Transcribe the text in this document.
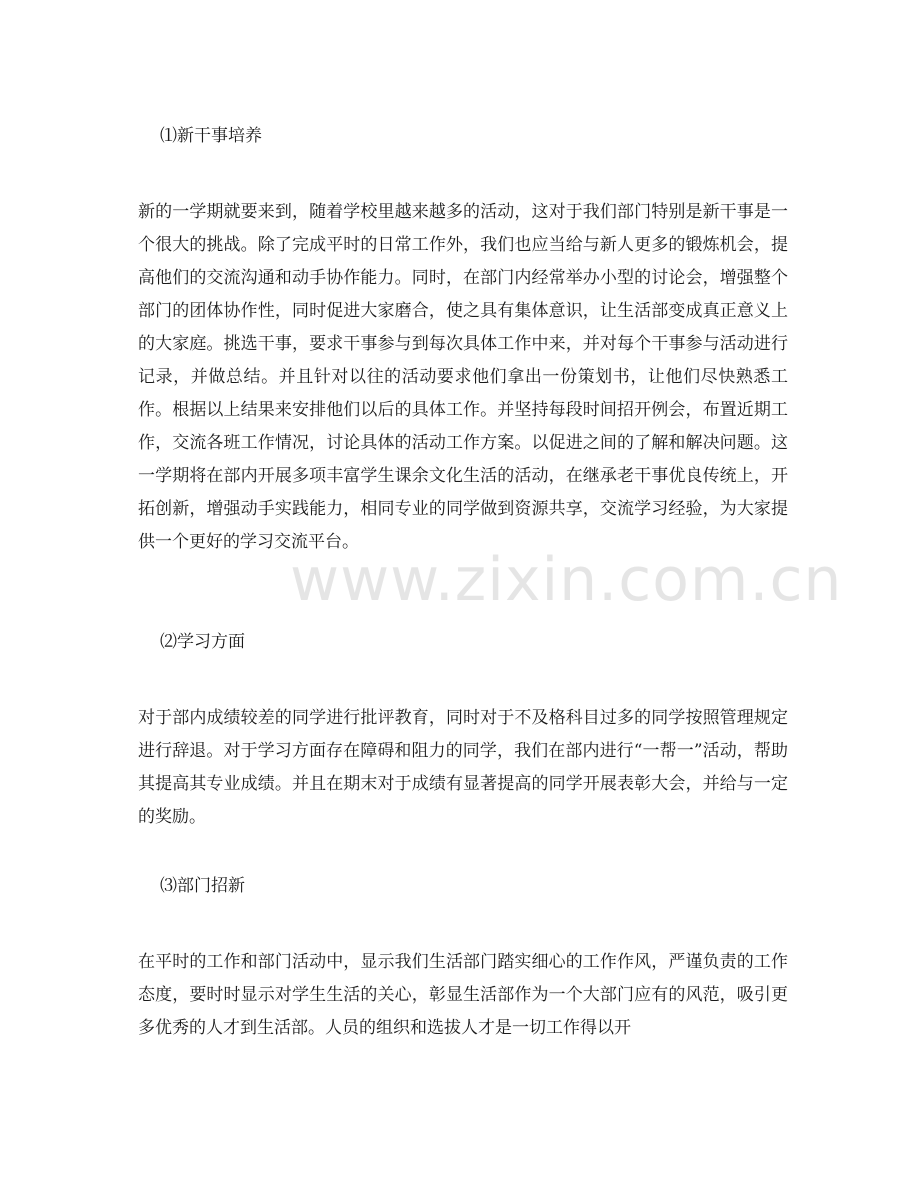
⑴新干事培养

新的一学期就要来到，随着学校里越来越多的活动，这对于我们部门特别是新干事是一个很大的挑战。除了完成平时的日常工作外，我们也应当给与新人更多的锻炼机会，提高他们的交流沟通和动手协作能力。同时，在部门内经常举办小型的讨论会，增强整个部门的团体协作性，同时促进大家磨合，使之具有集体意识，让生活部变成真正意义上的大家庭。挑选干事，要求干事参与到每次具体工作中来，并对每个干事参与活动进行记录，并做总结。并且针对以往的活动要求他们拿出一份策划书，让他们尽快熟悉工作。根据以上结果来安排他们以后的具体工作。并坚持每段时间招开例会，布置近期工作，交流各班工作情况，讨论具体的活动工作方案。以促进之间的了解和解决问题。这一学期将在部内开展多项丰富学生课余文化生活的活动，在继承老干事优良传统上，开拓创新，增强动手实践能力，相同专业的同学做到资源共享，交流学习经验，为大家提供一个更好的学习交流平台。

⑵学习方面

对于部内成绩较差的同学进行批评教育，同时对于不及格科目过多的同学按照管理规定进行辞退。对于学习方面存在障碍和阻力的同学，我们在部内进行“一帮一”活动，帮助其提高其专业成绩。并且在期末对于成绩有显著提高的同学开展表彰大会，并给与一定的奖励。

⑶部门招新

在平时的工作和部门活动中，显示我们生活部门踏实细心的工作作风，严谨负责的工作态度，要时时显示对学生生活的关心，彰显生活部作为一个大部门应有的风范，吸引更多优秀的人才到生活部。人员的组织和选拔人才是一切工作得以开

www.zixin.com.cn
